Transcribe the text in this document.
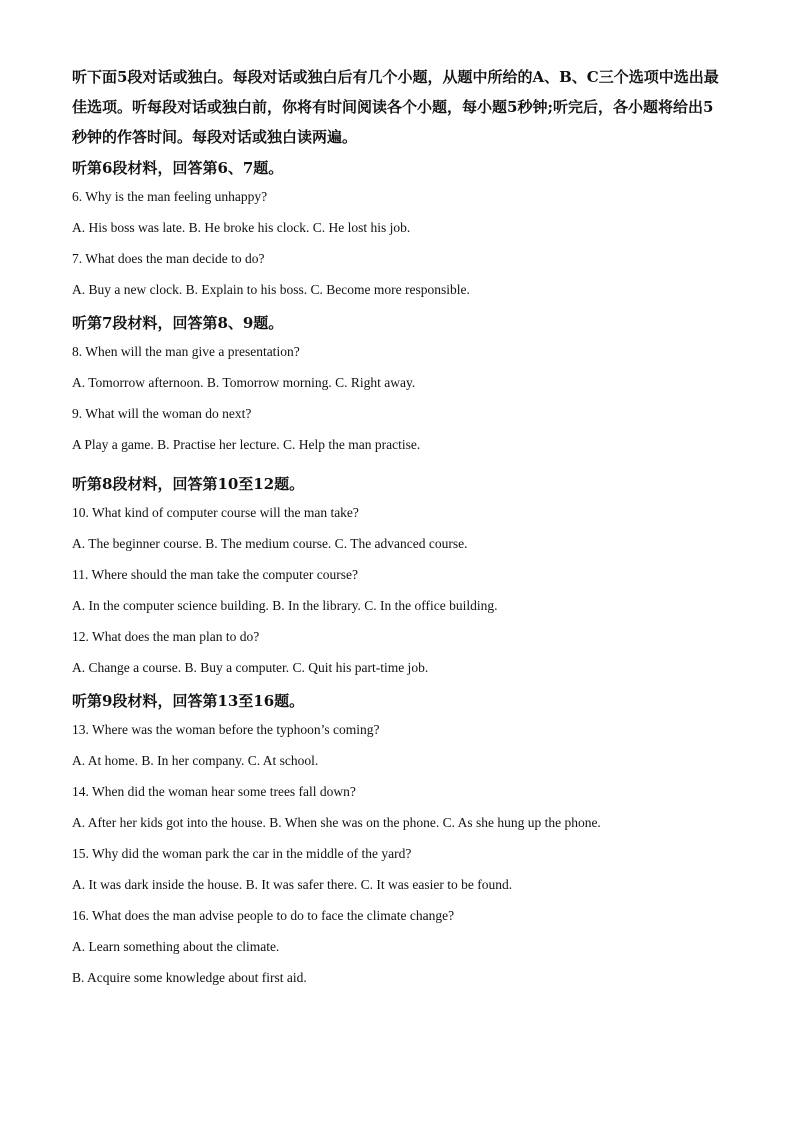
听下面5段对话或独白。每段对话或独白后有几个小题，从题中所给的A、B、C三个选项中选出最佳选项。听每段对话或独白前，你将有时间阅读各个小题，每小题5秒钟;听完后，各小题将给出5秒钟的作答时间。每段对话或独白读两遍。

听第6段材料，回答第6、7题。

6. Why is the man feeling unhappy?

A. His boss was late. B. He broke his clock. C. He lost his job.

7. What does the man decide to do?

A. Buy a new clock. B. Explain to his boss. C. Become more responsible.

听第7段材料，回答第8、9题。

8. When will the man give a presentation?

A. Tomorrow afternoon. B. Tomorrow morning. C. Right away.

9. What will the woman do next?

A Play a game. B. Practise her lecture. C. Help the man practise.

听第8段材料，回答第10至12题。

10. What kind of computer course will the man take?

A. The beginner course. B. The medium course. C. The advanced course.

11. Where should the man take the computer course?

A. In the computer science building. B. In the library. C. In the office building.

12. What does the man plan to do?

A. Change a course. B. Buy a computer. C. Quit his part-time job.

听第9段材料，回答第13至16题。

13. Where was the woman before the typhoon’s coming?

A. At home. B. In her company. C. At school.

14. When did the woman hear some trees fall down?

A. After her kids got into the house. B. When she was on the phone. C. As she hung up the phone.

15. Why did the woman park the car in the middle of the yard?

A. It was dark inside the house. B. It was safer there. C. It was easier to be found.

16. What does the man advise people to do to face the climate change?

A. Learn something about the climate.
B. Acquire some knowledge about first aid.
